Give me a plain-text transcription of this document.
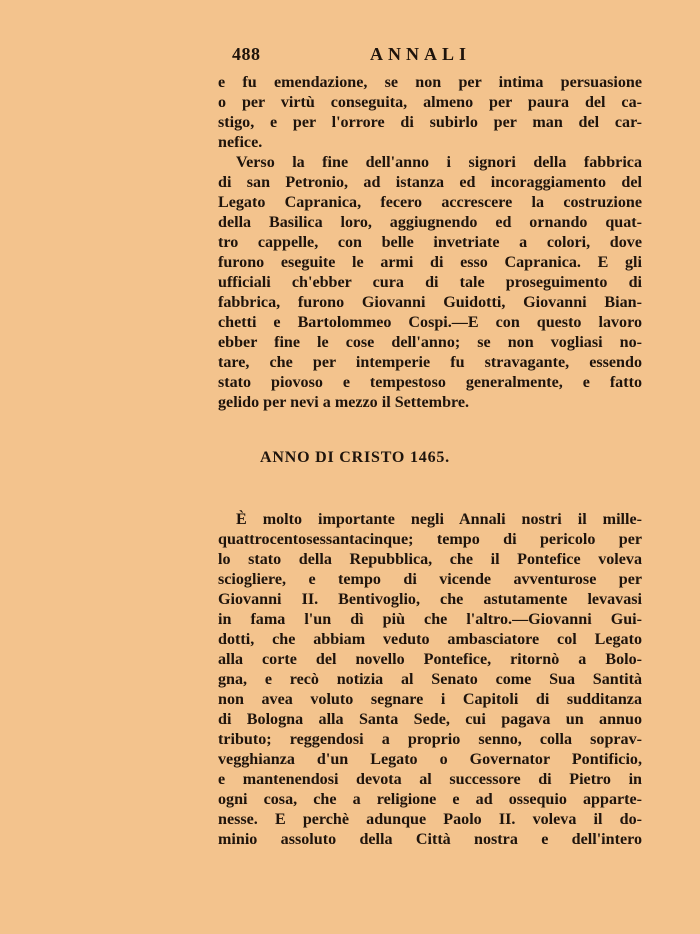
488	ANNALI
e fu emendazione, se non per intima persuasione
o per virtù conseguita, almeno per paura del ca-
stigo, e per l'orrore di subirlo per man del car-
nefice.
Verso la fine dell'anno i signori della fabbrica
di san Petronio, ad istanza ed incoraggiamento del
Legato Capranica, fecero accrescere la costruzione
della Basilica loro, aggiugnendo ed ornando quat-
tro cappelle, con belle invetriate a colori, dove
furono eseguite le armi di esso Capranica. E gli
ufficiali ch'ebber cura di tale proseguimento di
fabbrica, furono Giovanni Guidotti, Giovanni Bian-
chetti e Bartolommeo Cospi.—E con questo lavoro
ebber fine le cose dell'anno; se non vogliasi no-
tare, che per intemperie fu stravagante, essendo
stato piovoso e tempestoso generalmente, e fatto
gelido per nevi a mezzo il Settembre.
ANNO DI CRISTO 1465.
È molto importante negli Annali nostri il mille-
quattrocentosessantacinque; tempo di pericolo per
lo stato della Repubblica, che il Pontefice voleva
sciogliere, e tempo di vicende avventurose per
Giovanni II. Bentivoglio, che astutamente levavasi
in fama l'un dì più che l'altro.—Giovanni Gui-
dotti, che abbiam veduto ambasciatore col Legato
alla corte del novello Pontefice, ritornò a Bolo-
gna, e recò notizia al Senato come Sua Santità
non avea voluto segnare i Capitoli di sudditanza
di Bologna alla Santa Sede, cui pagava un annuo
tributo; reggendosi a proprio senno, colla soprav-
vegghianza d'un Legato o Governator Pontificio,
e mantenendosi devota al successore di Pietro in
ogni cosa, che a religione e ad ossequio apparte-
nesse. E perchè adunque Paolo II. voleva il do-
minio assoluto della Città nostra e dell'intero
